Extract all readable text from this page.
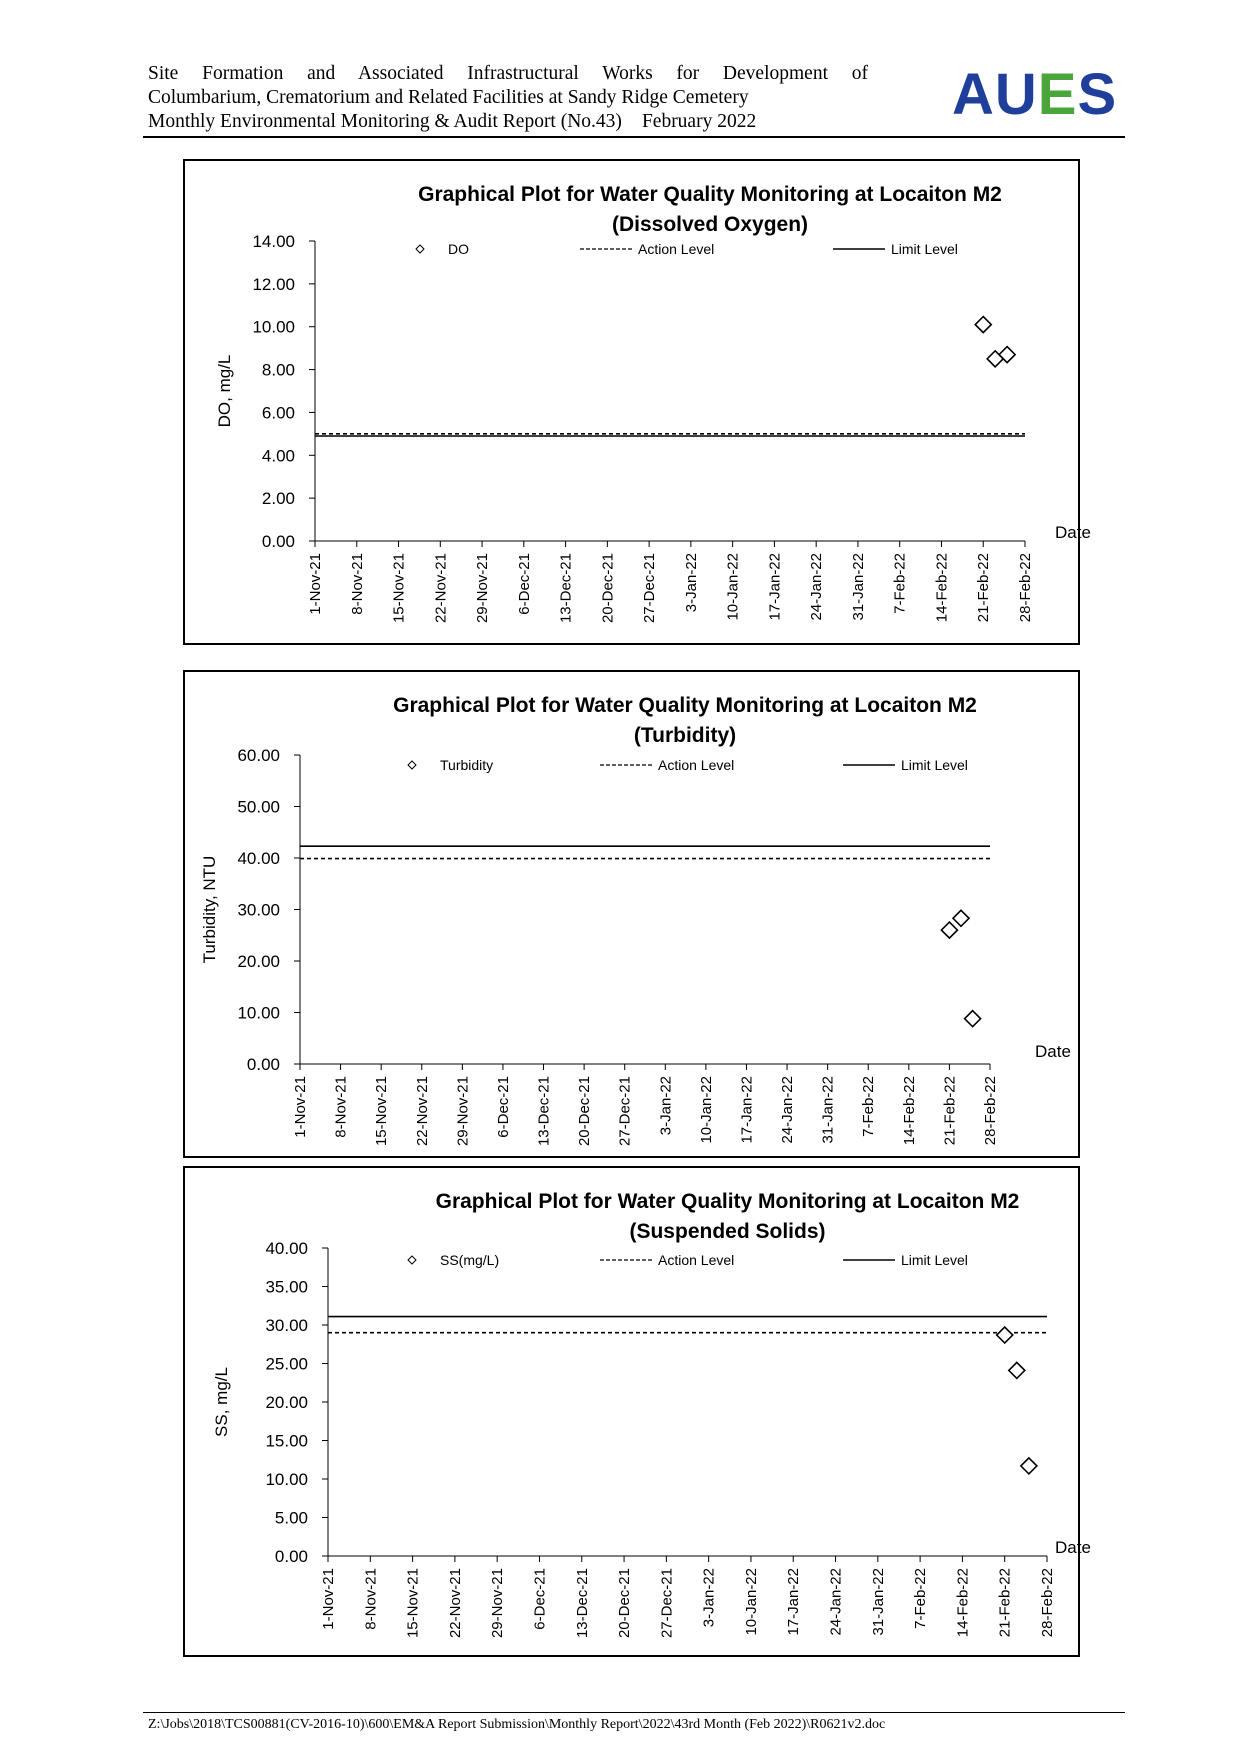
Site Formation and Associated Infrastructural Works for Development of
Columbarium, Crematorium and Related Facilities at Sandy Ridge Cemetery
Monthly Environmental Monitoring & Audit Report (No.43) February 2022	AUES
Graphical Plot for Water Quality Monitoring at Locaiton M2
(Dissolved Oxygen)
0.00
2.00
4.00
6.00
8.00
10.00
12.00
14.00
1-Nov-21 8-Nov-21 15-Nov-21 22-Nov-21 29-Nov-21 6-Dec-21 13-Dec-21 20-Dec-21 27-Dec-21 3-Jan-22 10-Jan-22 17-Jan-22 24-Jan-22 31-Jan-22 7-Feb-22 14-Feb-22 21-Feb-22 28-Feb-22
Date
DO, mg/L
DO	Action Level	Limit Level
Graphical Plot for Water Quality Monitoring at Locaiton M2
(Turbidity)
0.00
10.00
20.00
30.00
40.00
50.00
60.00
1-Nov-21 8-Nov-21 15-Nov-21 22-Nov-21 29-Nov-21 6-Dec-21 13-Dec-21 20-Dec-21 27-Dec-21 3-Jan-22 10-Jan-22 17-Jan-22 24-Jan-22 31-Jan-22 7-Feb-22 14-Feb-22 21-Feb-22 28-Feb-22
Date
Turbidity, NTU
Turbidity	Action Level	Limit Level
Graphical Plot for Water Quality Monitoring at Locaiton M2
(Suspended Solids)
0.00
5.00
10.00
15.00
20.00
25.00
30.00
35.00
40.00
1-Nov-21 8-Nov-21 15-Nov-21 22-Nov-21 29-Nov-21 6-Dec-21 13-Dec-21 20-Dec-21 27-Dec-21 3-Jan-22 10-Jan-22 17-Jan-22 24-Jan-22 31-Jan-22 7-Feb-22 14-Feb-22 21-Feb-22 28-Feb-22
Date
SS, mg/L
SS(mg/L)	Action Level	Limit Level
Z:\Jobs\2018\TCS00881(CV-2016-10)\600\EM&A Report Submission\Monthly Report\2022\43rd Month (Feb 2022)\R0621v2.doc
